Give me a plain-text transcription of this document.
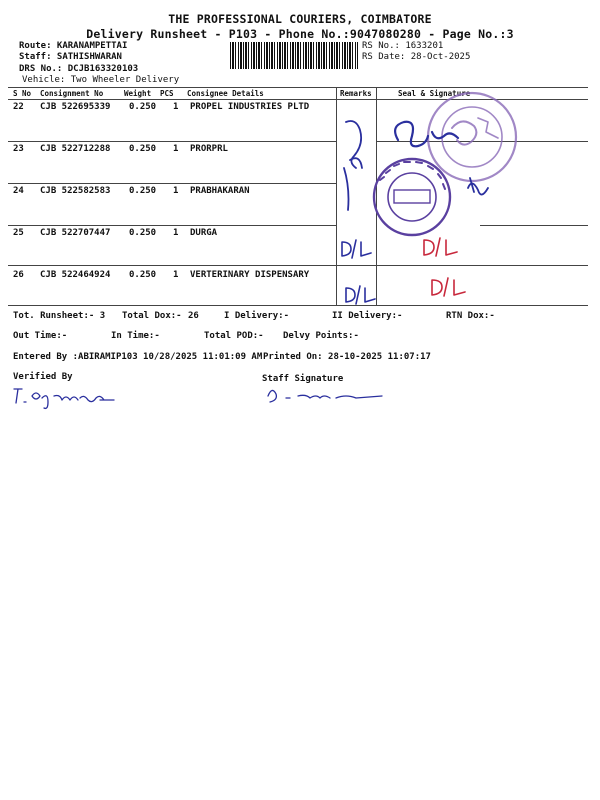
THE PROFESSIONAL COURIERS, COIMBATORE
Delivery Runsheet - P103 - Phone No.:9047080280 - Page No.:3
Route: KARANAMPETTAI
Staff: SATHISHWARAN
DRS No.: DCJB163320103
Vehicle: Two Wheeler Delivery
RS No.: 1633201
RS Date: 28-Oct-2025
S No Consignment No	Weight PCS Consignee Details	Remarks	Seal & Signature
22 CJB 522695339 0.250 1 PROPEL INDUSTRIES PLTD
23 CJB 522712288 0.250 1 PRORPRL
24 CJB 522582583 0.250 1 PRABHAKARAN
25 CJB 522707447 0.250 1 DURGA
26 CJB 522464924 0.250 1 VERTERINARY DISPENSARY
Tot. Runsheet:- 3 Total Dox:- 26	I Delivery:-	II Delivery:-	RTN Dox:-
Out Time:-	In Time:-	Total POD:- Delvy Points:-
Entered By :ABIRAMIP103 10/28/2025 11:01:09 AM Printed On: 28-10-2025 11:07:17
Verified By	Staff Signature
